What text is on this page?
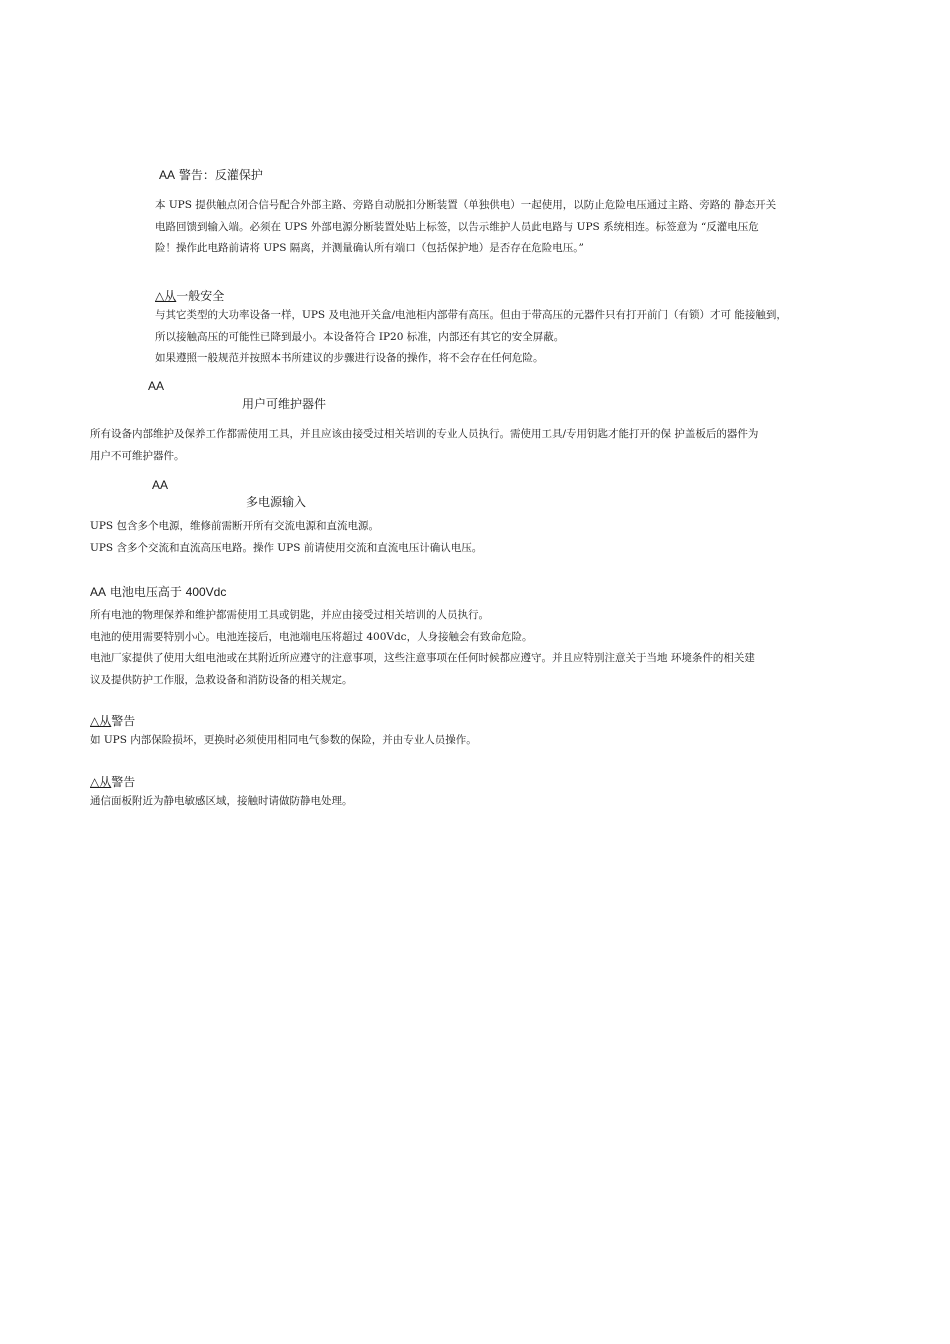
AA 警告：反灌保护
本 UPS 提供触点闭合信号配合外部主路、旁路自动脱扣分断装置（单独供电）一起使用，以防止危险电压通过主路、旁路的 静态开关
电路回馈到输入端。必须在 UPS 外部电源分断装置处贴上标签，以告示维护人员此电路与 UPS 系统相连。标签意为 “反灌电压危
险！操作此电路前请将 UPS 隔离，并测量确认所有端口（包括保护地）是否存在危险电压。”
△从一般安全
与其它类型的大功率设备一样，UPS 及电池开关盒/电池柜内部带有高压。但由于带高压的元器件只有打开前门（有锁）才可 能接触到，
所以接触高压的可能性已降到最小。本设备符合 IP20 标准，内部还有其它的安全屏蔽。
如果遵照一般规范并按照本书所建议的步骤进行设备的操作，将不会存在任何危险。
AA
用户可维护器件
所有设备内部维护及保养工作都需使用工具，并且应该由接受过相关培训的专业人员执行。需使用工具/专用钥匙才能打开的保 护盖板后的器件为
用户不可维护器件。
AA
多电源输入
UPS 包含多个电源，维修前需断开所有交流电源和直流电源。
UPS 含多个交流和直流高压电路。操作 UPS 前请使用交流和直流电压计确认电压。
AA 电池电压高于 400Vdc
所有电池的物理保养和维护都需使用工具或钥匙，并应由接受过相关培训的人员执行。
电池的使用需要特别小心。电池连接后，电池端电压将超过 400Vdc，人身接触会有致命危险。
电池厂家提供了使用大组电池或在其附近所应遵守的注意事项，这些注意事项在任何时候都应遵守。并且应特别注意关于当地 环境条件的相关建
议及提供防护工作服，急救设备和消防设备的相关规定。
△从警告
如 UPS 内部保险损坏，更换时必须使用相同电气参数的保险，并由专业人员操作。
△从警告
通信面板附近为静电敏感区域，接触时请做防静电处理。
